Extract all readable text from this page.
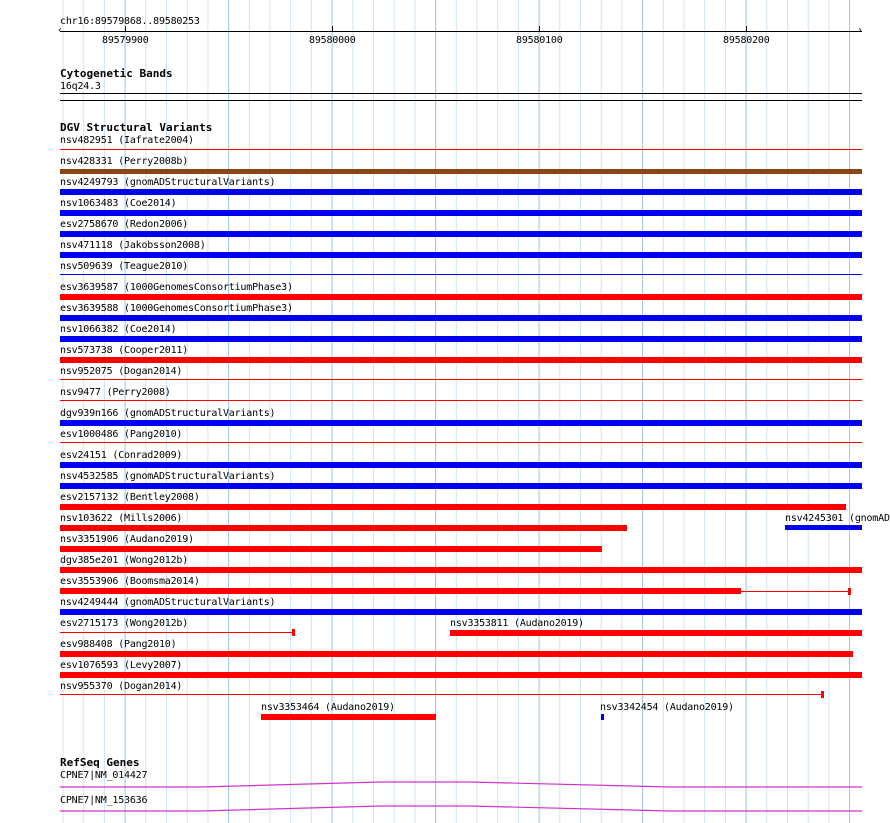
chr16:89579868..89580253
‹	›
89579900	89580000	89580100	89580200
Cytogenetic Bands
16q24.3
DGV Structural Variants
nsv482951 (Iafrate2004)
nsv428331 (Perry2008b)
nsv4249793 (gnomADStructuralVariants)
nsv1063483 (Coe2014)
esv2758670 (Redon2006)
nsv471118 (Jakobsson2008)
nsv509639 (Teague2010)
esv3639587 (1000GenomesConsortiumPhase3)
esv3639588 (1000GenomesConsortiumPhase3)
nsv1066382 (Coe2014)
nsv573738 (Cooper2011)
nsv952075 (Dogan2014)
nsv9477 (Perry2008)
dgv939n166 (gnomADStructuralVariants)
esv1000486 (Pang2010)
esv24151 (Conrad2009)
nsv4532585 (gnomADStructuralVariants)
esv2157132 (Bentley2008)
nsv103622 (Mills2006)	nsv4245301 (gnomAD
nsv3351906 (Audano2019)
dgv385e201 (Wong2012b)
esv3553906 (Boomsma2014)
nsv4249444 (gnomADStructuralVariants)
esv2715173 (Wong2012b)	nsv3353811 (Audano2019)
esv988408 (Pang2010)
esv1076593 (Levy2007)
nsv955370 (Dogan2014)
nsv3353464 (Audano2019)	nsv3342454 (Audano2019)
RefSeq Genes
CPNE7|NM_014427
CPNE7|NM_153636
